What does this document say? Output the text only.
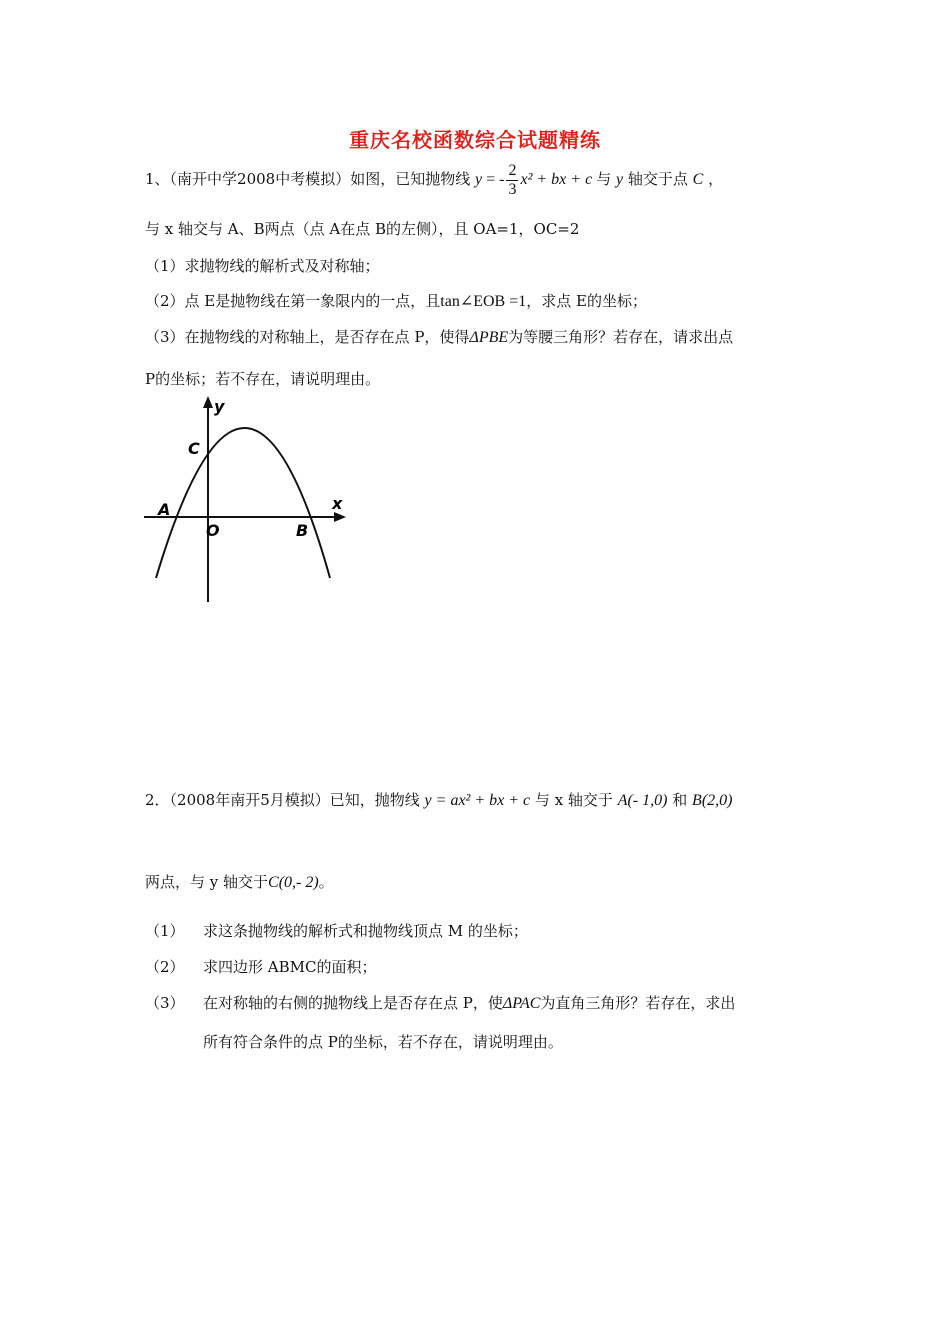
重庆名校函数综合试题精练
1、（南开中学2008中考模拟）如图，已知抛物线 y = - $\frac{2}{3} x^2$ + bx + c 与 y 轴交于点 C ，
与 x 轴交与 A、B两点（点 A在点 B的左侧），且 OA=1，OC=2
（1）求抛物线的解析式及对称轴；
（2）点 E是抛物线在第一象限内的一点，且tan∠EOB =1，求点 E的坐标；
（3）在抛物线的对称轴上，是否存在点 P，使得ΔPBE为等腰三角形？若存在，请求出点
P的坐标；若不存在，请说明理由。
y
x
C
A
O	B
2．（2008年南开5月模拟）已知，抛物线 y = ax² + bx + c 与 x 轴交于 A(- 1,0) 和 B(2,0)
两点，与 y 轴交于C(0,- 2)。
（1） 求这条抛物线的解析式和抛物线顶点 M 的坐标；
（2） 求四边形 ABMC的面积；
（3） 在对称轴的右侧的抛物线上是否存在点 P，使ΔPAC为直角三角形？若存在，求出
所有符合条件的点 P的坐标，若不存在，请说明理由。
